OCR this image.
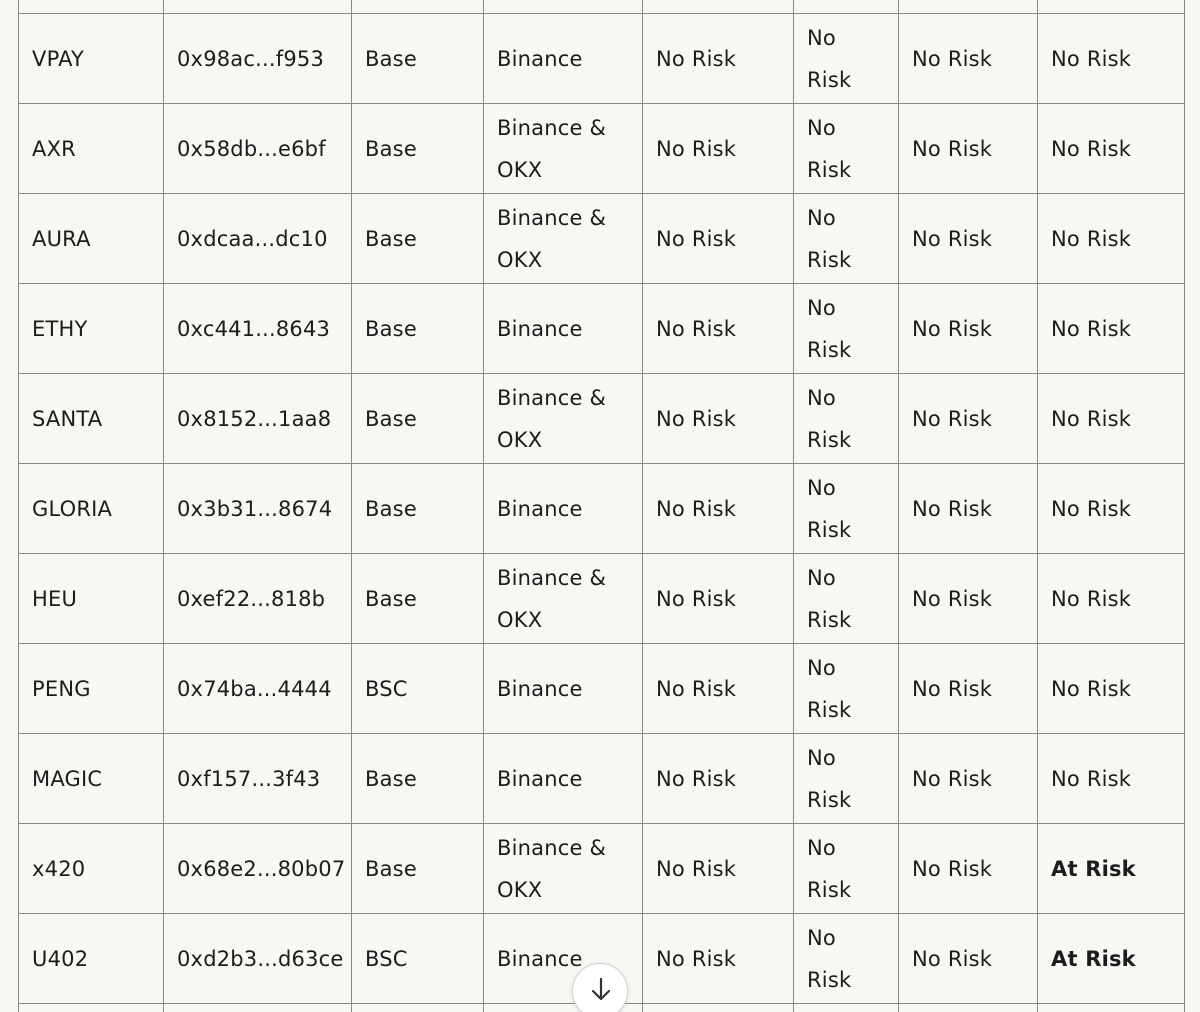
VPAY	0x98ac...f953	Base	Binance	No Risk	No Risk	No Risk	No Risk
AXR	0x58db...e6bf	Base	Binance & OKX	No Risk	No Risk	No Risk	No Risk
AURA	0xdcaa...dc10	Base	Binance & OKX	No Risk	No Risk	No Risk	No Risk
ETHY	0xc441...8643	Base	Binance	No Risk	No Risk	No Risk	No Risk
SANTA	0x8152...1aa8	Base	Binance & OKX	No Risk	No Risk	No Risk	No Risk
GLORIA	0x3b31...8674	Base	Binance	No Risk	No Risk	No Risk	No Risk
HEU	0xef22...818b	Base	Binance & OKX	No Risk	No Risk	No Risk	No Risk
PENG	0x74ba...4444	BSC	Binance	No Risk	No Risk	No Risk	No Risk
MAGIC	0xf157...3f43	Base	Binance	No Risk	No Risk	No Risk	No Risk
x420	0x68e2...80b07	Base	Binance & OKX	No Risk	No Risk	No Risk	At Risk
U402	0xd2b3...d63ce	BSC	Binance	No Risk	No Risk	No Risk	At Risk
